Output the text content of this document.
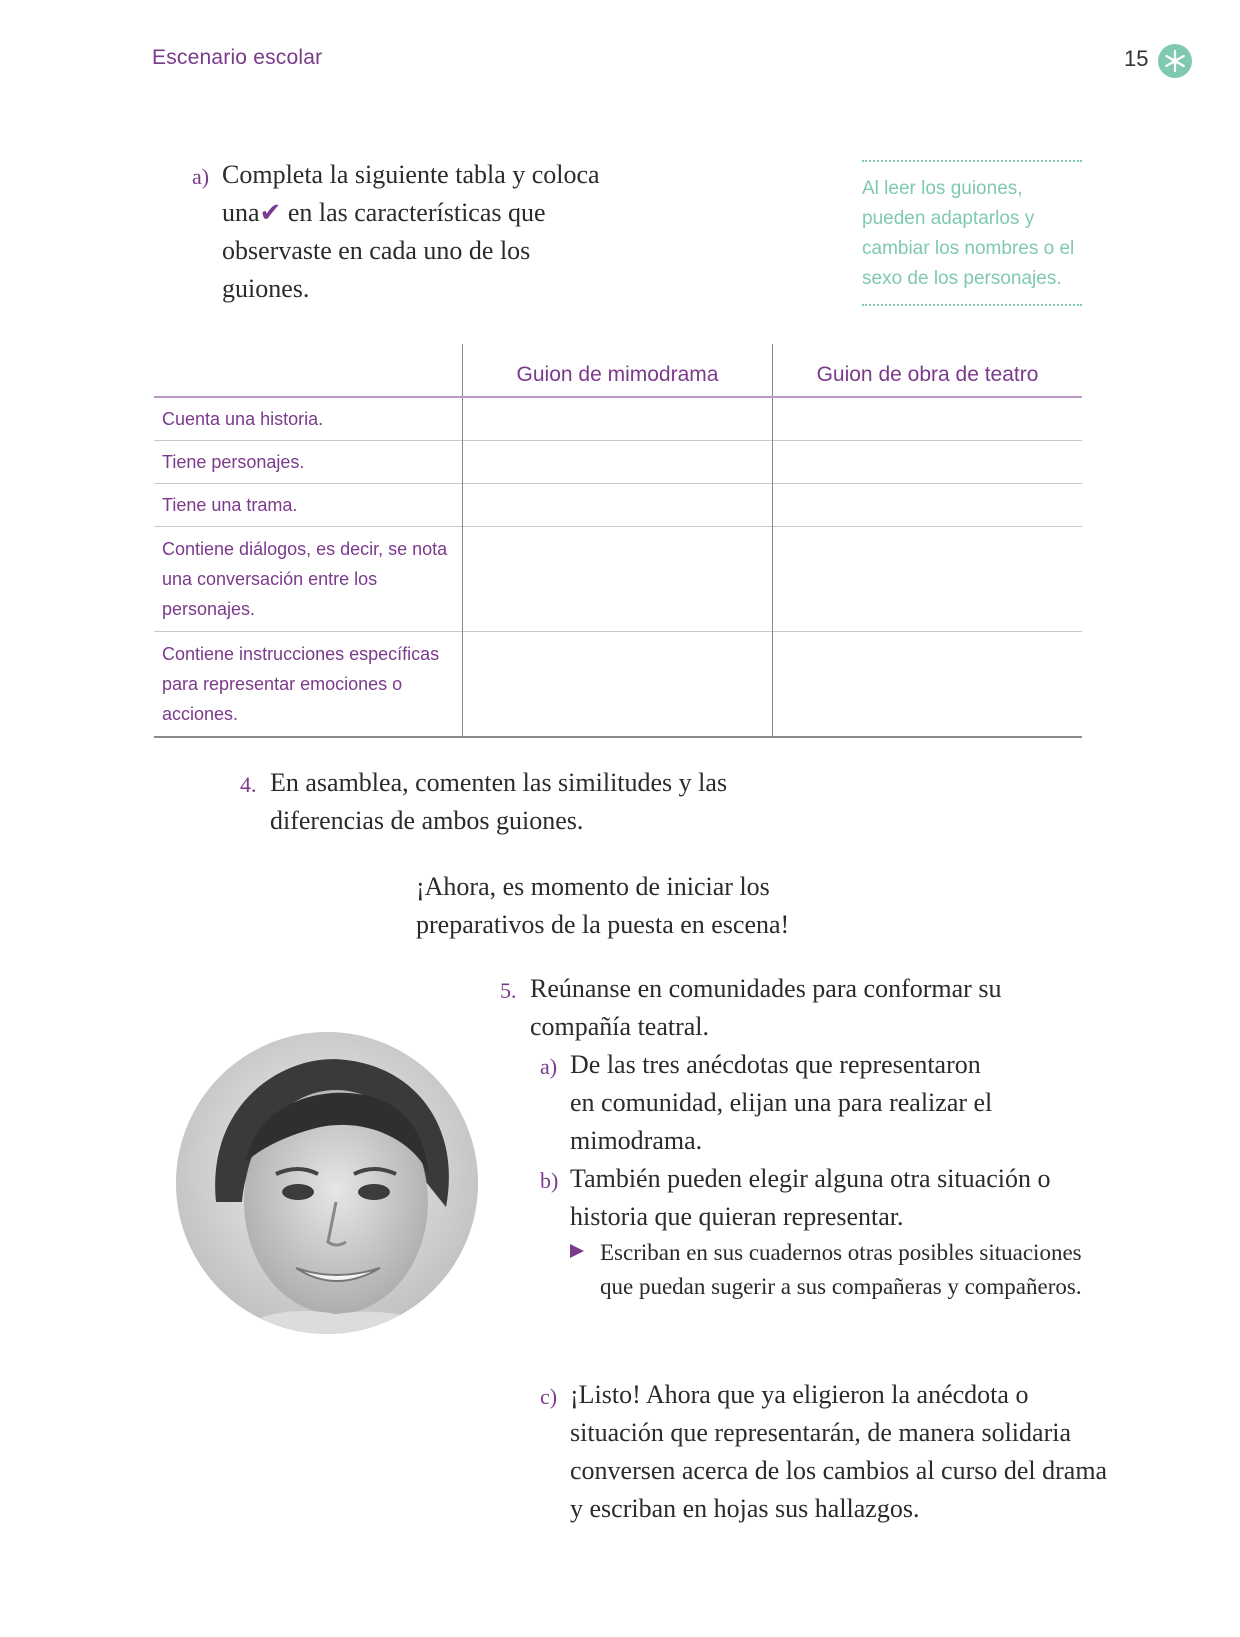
Escenario escolar	15
a) Completa la siguiente tabla y coloca una✔ en las características que observaste en cada uno de los guiones.
Al leer los guiones, pueden adaptarlos y cambiar los nombres o el sexo de los personajes.
	Guion de mimodrama	Guion de obra de teatro
Cuenta una historia.		
Tiene personajes.		
Tiene una trama.		
Contiene diálogos, es decir, se nota una conversación entre los personajes.		
Contiene instrucciones específicas para representar emociones o acciones.		
4. En asamblea, comenten las similitudes y las diferencias de ambos guiones.
¡Ahora, es momento de iniciar los preparativos de la puesta en escena!
5. Reúnanse en comunidades para conformar su compañía teatral.
a) De las tres anécdotas que representaron en comunidad, elijan una para realizar el mimodrama.
b) También pueden elegir alguna otra situación o historia que quieran representar.
Escriban en sus cuadernos otras posibles situaciones que puedan sugerir a sus compañeras y compañeros.
c) ¡Listo! Ahora que ya eligieron la anécdota o situación que representarán, de manera solidaria conversen acerca de los cambios al curso del drama y escriban en hojas sus hallazgos.
